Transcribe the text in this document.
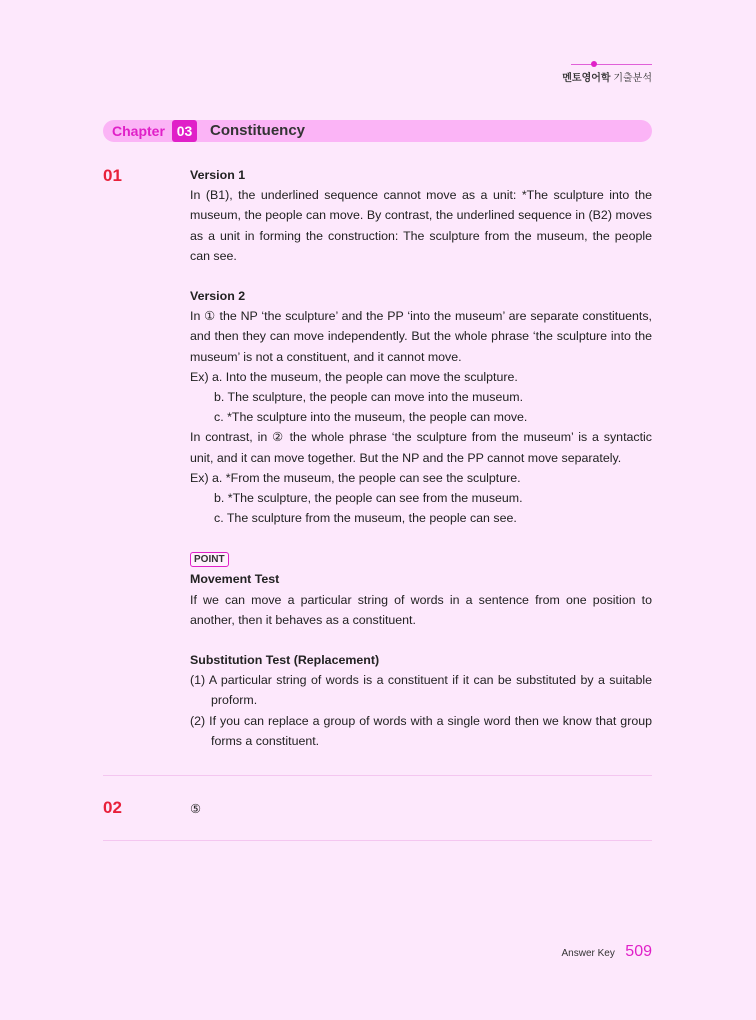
멘토영어학 기출분석
Chapter 03	Constituency
01	Version 1

In (B1), the underlined sequence cannot move as a unit: *The sculpture into the museum, the people can move. By contrast, the underlined sequence in (B2) moves as a unit in forming the construction: The sculpture from the museum, the people can see.

Version 2

In ① the NP ‘the sculpture’ and the PP ‘into the museum’ are separate constituents, and then they can move independently. But the whole phrase ‘the sculpture into the museum’ is not a constituent, and it cannot move.

Ex) a. Into the museum, the people can move the sculpture.

b. The sculpture, the people can move into the museum.

c. *The sculpture into the museum, the people can move.

In contrast, in ② the whole phrase ‘the sculpture from the museum’ is a syntactic unit, and it can move together. But the NP and the PP cannot move separately.

Ex) a. *From the museum, the people can see the sculpture.

b. *The sculpture, the people can see from the museum.

c. The sculpture from the museum, the people can see.

POINT

Movement Test

If we can move a particular string of words in a sentence from one position to another, then it behaves as a constituent.

Substitution Test (Replacement)

(1) A particular string of words is a constituent if it can be substituted by a suitable proform.

(2) If you can replace a group of words with a single word then we know that group forms a constituent.

02	⑤

Answer Key 509
